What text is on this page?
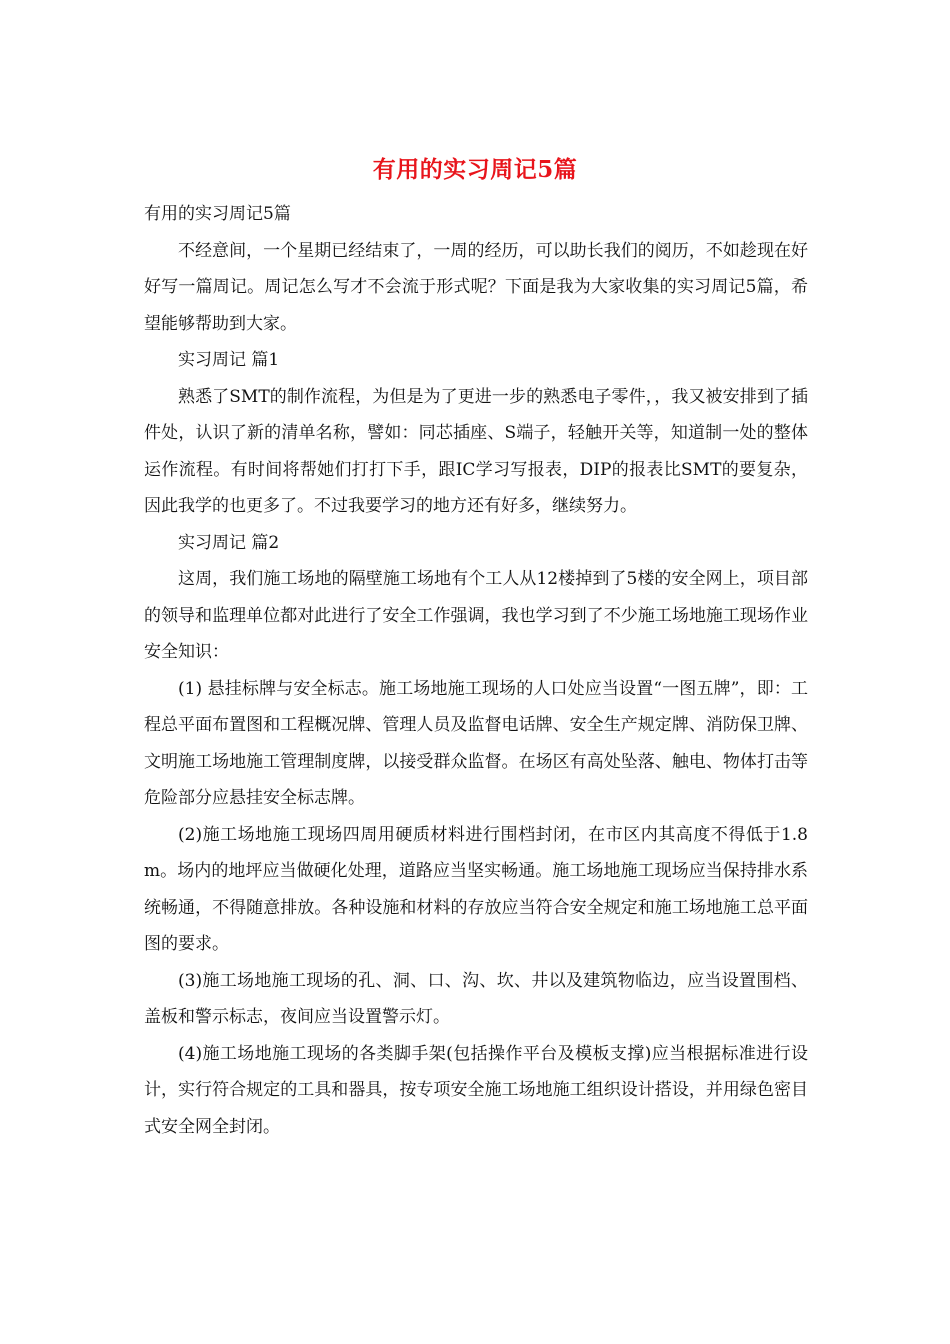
有用的实习周记5篇

有用的实习周记5篇

不经意间，一个星期已经结束了，一周的经历，可以助长我们的阅历，不如趁现在好好写一篇周记。周记怎么写才不会流于形式呢？下面是我为大家收集的实习周记5篇，希望能够帮助到大家。

实习周记 篇1

熟悉了SMT的制作流程，为但是为了更进一步的熟悉电子零件，，我又被安排到了插件处，认识了新的清单名称，譬如：同芯插座、S端子，轻触开关等，知道制一处的整体运作流程。有时间将帮她们打打下手，跟IC学习写报表，DIP的报表比SMT的要复杂，因此我学的也更多了。不过我要学习的地方还有好多，继续努力。

实习周记 篇2

这周，我们施工场地的隔壁施工场地有个工人从12楼掉到了5楼的安全网上，项目部的领导和监理单位都对此进行了安全工作强调，我也学习到了不少施工场地施工现场作业安全知识：

(1) 悬挂标牌与安全标志。施工场地施工现场的人口处应当设置“一图五牌”，即：工程总平面布置图和工程概况牌、管理人员及监督电话牌、安全生产规定牌、消防保卫牌、文明施工场地施工管理制度牌，以接受群众监督。在场区有高处坠落、触电、物体打击等危险部分应悬挂安全标志牌。

(2)施工场地施工现场四周用硬质材料进行围档封闭，在市区内其高度不得低于1.8m。场内的地坪应当做硬化处理，道路应当坚实畅通。施工场地施工现场应当保持排水系统畅通，不得随意排放。各种设施和材料的存放应当符合安全规定和施工场地施工总平面图的要求。

(3)施工场地施工现场的孔、洞、口、沟、坎、井以及建筑物临边，应当设置围档、盖板和警示标志，夜间应当设置警示灯。

(4)施工场地施工现场的各类脚手架(包括操作平台及模板支撑)应当根据标准进行设计，实行符合规定的工具和器具，按专项安全施工场地施工组织设计搭设，并用绿色密目式安全网全封闭。
